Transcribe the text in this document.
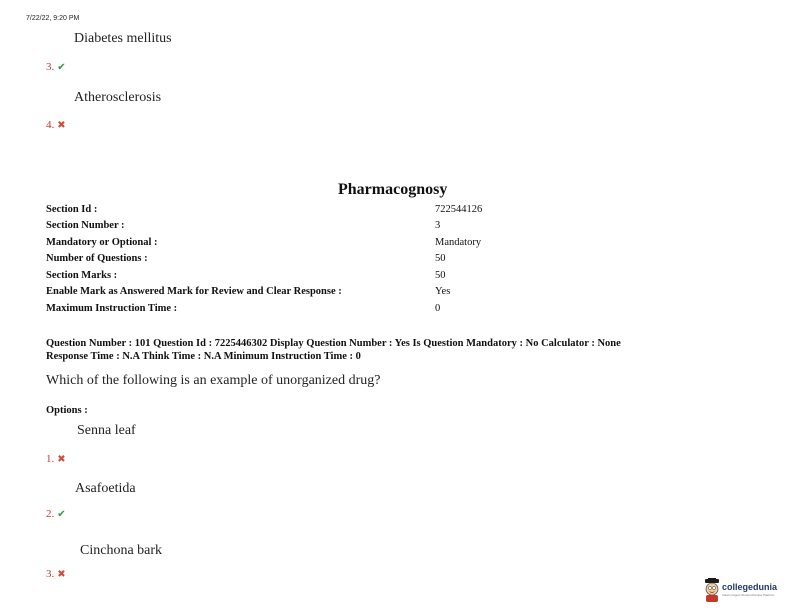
7/22/22, 9:20 PM
Diabetes mellitus
3. ✔
Atherosclerosis
4. ✖
Pharmacognosy
Section Id :	722544126
Section Number :	3
Mandatory or Optional :	Mandatory
Number of Questions :	50
Section Marks :	50
Enable Mark as Answered Mark for Review and Clear Response :	Yes
Maximum Instruction Time :	0
Question Number : 101 Question Id : 7225446302 Display Question Number : Yes Is Question Mandatory : No Calculator : None
Response Time : N.A Think Time : N.A Minimum Instruction Time : 0
Which of the following is an example of unorganized drug?
Options :
Senna leaf
1. ✖
Asafoetida
2. ✔
Cinchona bark
3. ✖
collegedunia
India's largest Student Review Platform
